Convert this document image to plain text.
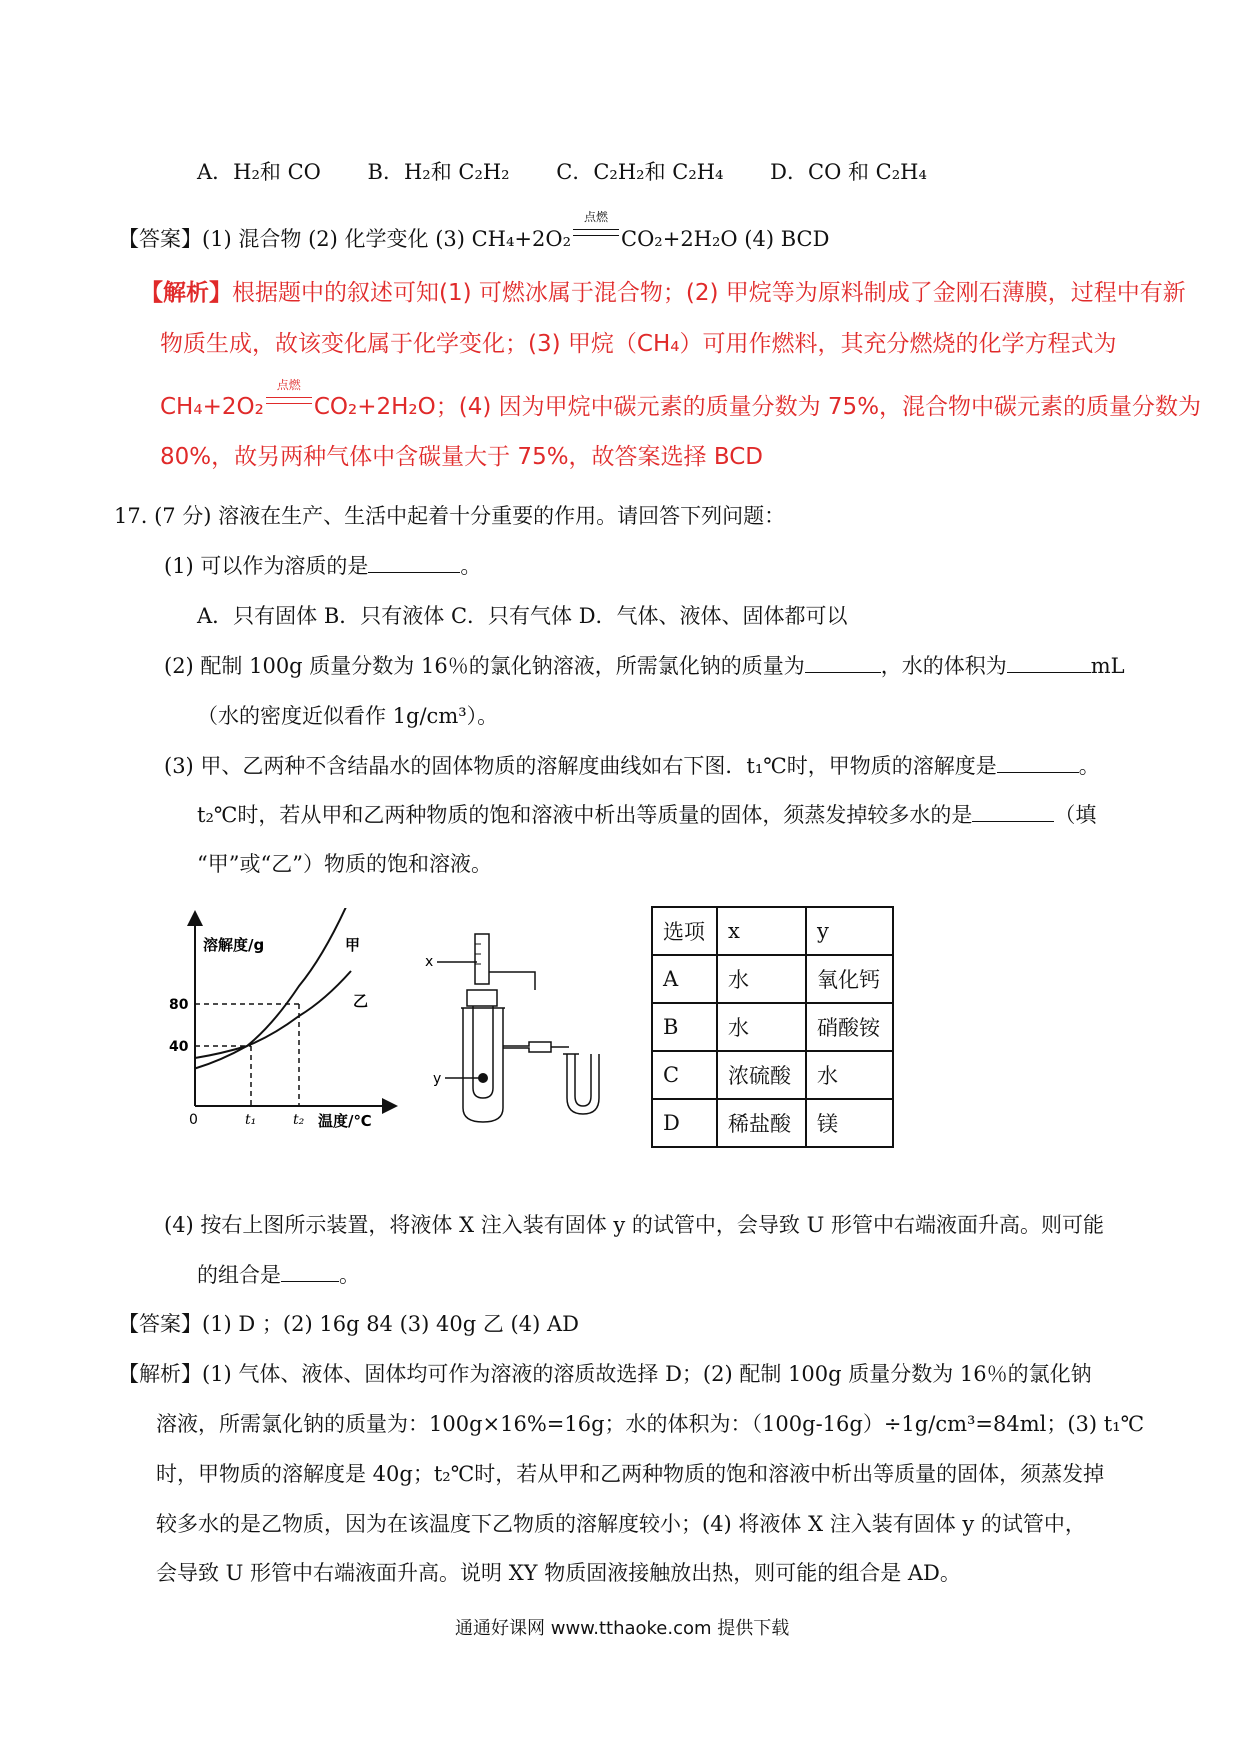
A．H₂和 CO B．H₂和 C₂H₂ C．C₂H₂和 C₂H₄ D．CO 和 C₂H₄
【答案】(1) 混合物 (2) 化学变化 (3) CH₄+2O₂
点燃
CO₂+2H₂O (4) BCD
【解析】根据题中的叙述可知(1) 可燃冰属于混合物；(2) 甲烷等为原料制成了金刚石薄膜，过程中有新
物质生成，故该变化属于化学变化；(3) 甲烷（CH₄）可用作燃料，其充分燃烧的化学方程式为
CH₄+2O₂
点燃
CO₂+2H₂O；(4) 因为甲烷中碳元素的质量分数为 75%，混合物中碳元素的质量分数为
80%，故另两种气体中含碳量大于 75%，故答案选择 BCD
17. (7 分) 溶液在生产、生活中起着十分重要的作用。请回答下列问题：
(1) 可以作为溶质的是	。
A．只有固体 B．只有液体 C．只有气体 D．气体、液体、固体都可以
(2) 配制 100g 质量分数为 16％的氯化钠溶液，所需氯化钠的质量为	，水的体积为	mL
（水的密度近似看作 1g/cm³）。
(3) 甲、乙两种不含结晶水的固体物质的溶解度曲线如右下图．t₁℃时，甲物质的溶解度是	。
t₂℃时，若从甲和乙两种物质的饱和溶液中析出等质量的固体，须蒸发掉较多水的是	（填
“甲”或“乙”）物质的饱和溶液。
溶解度/g
温度/℃
0	t₁	t₂
40
80
甲
乙
x
y
选项	x	y
A	水	氧化钙
B	水	硝酸铵
C	浓硫酸	水
D	稀盐酸	镁
(4) 按右上图所示装置，将液体 X 注入装有固体 y 的试管中，会导致 U 形管中右端液面升高。则可能
的组合是	。
【答案】(1) D ；(2) 16g 84 (3) 40g 乙 (4) AD
【解析】(1) 气体、液体、固体均可作为溶液的溶质故选择 D；(2) 配制 100g 质量分数为 16％的氯化钠
溶液，所需氯化钠的质量为：100g×16%=16g；水的体积为：（100g-16g）÷1g/cm³=84ml；(3) t₁℃
时，甲物质的溶解度是 40g；t₂℃时，若从甲和乙两种物质的饱和溶液中析出等质量的固体，须蒸发掉
较多水的是乙物质，因为在该温度下乙物质的溶解度较小；(4) 将液体 X 注入装有固体 y 的试管中，
会导致 U 形管中右端液面升高。说明 XY 物质固液接触放出热，则可能的组合是 AD。
通通好课网 www.tthaoke.com 提供下载
